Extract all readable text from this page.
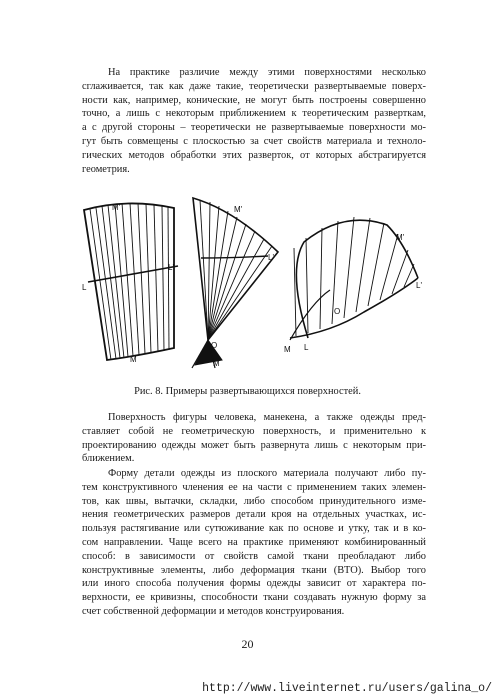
На практике различие между этими поверхностями несколько
сглаживается, так как даже такие, теоретически развертываемые поверх-
ности как, например, конические, не могут быть построены совершенно
точно, а лишь с некоторым приближением к теоретическим разверткам,
а с другой стороны – теоретически не развертываемые поверхности мо-
гут быть совмещены с плоскостью за счет свойств материала и техноло-
гических методов обработки этих разверток, от которых абстрагируется
геометрия.
M'
L'
L
M
M'
L'
O
M
M'
L'
O
M L
Рис. 8. Примеры развертывающихся поверхностей.
Поверхность фигуры человека, манекена, а также одежды пред-
ставляет собой не геометрическую поверхность, и применительно к
проектированию одежды может быть развернута лишь с некоторым при-
ближением.
Форму детали одежды из плоского материала получают либо пу-
тем конструктивного членения ее на части с применением таких элемен-
тов, как швы, вытачки, складки, либо способом принудительного изме-
нения геометрических размеров детали кроя на отдельных участках, ис-
пользуя растягивание или сутюживание как по основе и утку, так и в ко-
сом направлении. Чаще всего на практике применяют комбинированный
способ: в зависимости от свойств самой ткани преобладают либо
конструктивные элементы, либо деформация ткани (ВТО). Выбор того
или иного способа получения формы одежды зависит от характера по-
верхности, ее кривизны, способности ткани создавать нужную форму за
счет собственной деформации и методов конструирования.
20
http://www.liveinternet.ru/users/galina_o/
